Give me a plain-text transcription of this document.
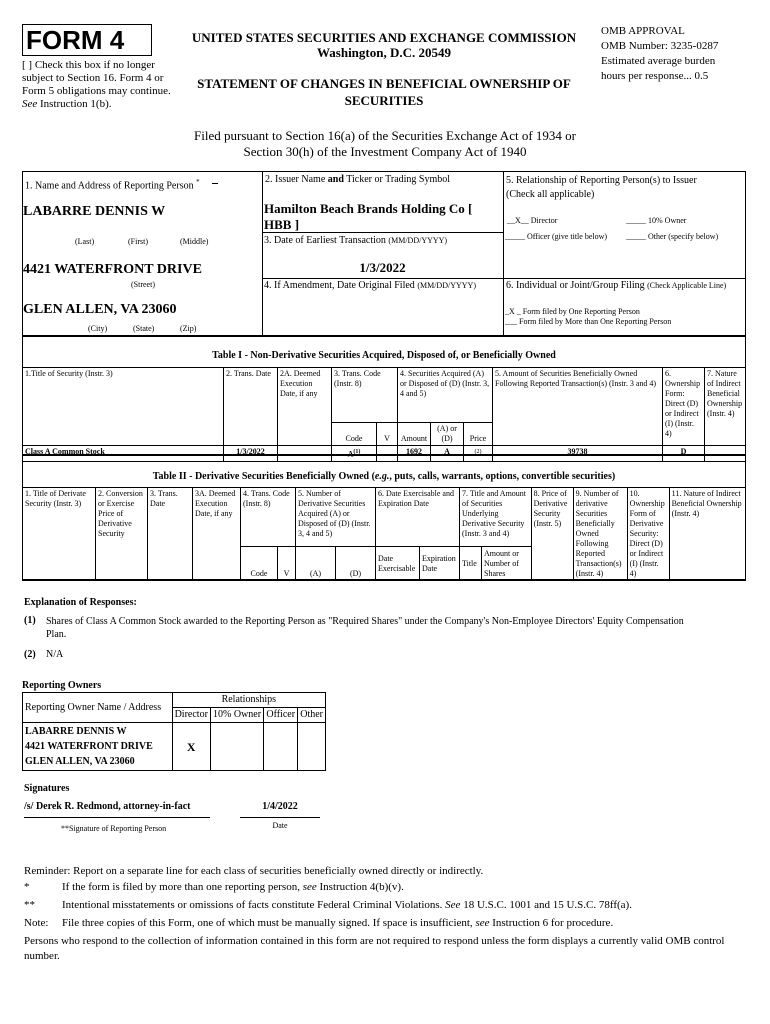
FORM 4
[ ] Check this box if no longer subject to Section 16. Form 4 or Form 5 obligations may continue. See Instruction 1(b).
UNITED STATES SECURITIES AND EXCHANGE COMMISSION
Washington, D.C. 20549
STATEMENT OF CHANGES IN BENEFICIAL OWNERSHIP OF SECURITIES
OMB APPROVAL
OMB Number: 3235-0287
Estimated average burden
hours per response... 0.5
Filed pursuant to Section 16(a) of the Securities Exchange Act of 1934 or
Section 30(h) of the Investment Company Act of 1940
1. Name and Address of Reporting Person *
LABARRE DENNIS W
(Last)	(First)	(Middle)
4421 WATERFRONT DRIVE
(Street)
GLEN ALLEN, VA 23060
(City)	(State)	(Zip)
2. Issuer Name and Ticker or Trading Symbol
Hamilton Beach Brands Holding Co [
HBB ]
3. Date of Earliest Transaction (MM/DD/YYYY)
1/3/2022
4. If Amendment, Date Original Filed (MM/DD/YYYY)
5. Relationship of Reporting Person(s) to Issuer
(Check all applicable)
__X__ Director	_____ 10% Owner
_____ Officer (give title below) _____ Other (specify below)
6. Individual or Joint/Group Filing (Check Applicable Line)
_X _ Form filed by One Reporting Person
___ Form filed by More than One Reporting Person
Table I - Non-Derivative Securities Acquired, Disposed of, or Beneficially Owned
1.Title of Security (Instr. 3)	2. Trans. Date	2A. Deemed Execution Date, if any	3. Trans. Code (Instr. 8)		4. Securities Acquired (A) or Disposed of (D) (Instr. 3, 4 and 5)			5. Amount of Securities Beneficially Owned Following Reported Transaction(s) (Instr. 3 and 4)	6. Ownership Form: Direct (D) or Indirect (I) (Instr. 4)	7. Nature of Indirect Beneficial Ownership (Instr. 4)
			Code	V	Amount	(A) or (D)	Price			
Class A Common Stock	1/3/2022		$A^{(1)}$		1692	A	$^{(2)}$	39738	D	
Table II - Derivative Securities Beneficially Owned (e.g., puts, calls, warrants, options, convertible securities)
1. Title of Derivate Security (Instr. 3)	2. Conversion or Exercise Price of Derivative Security	3. Trans. Date	3A. Deemed Execution Date, if any	4. Trans. Code (Instr. 8)		5. Number of Derivative Securities Acquired (A) or Disposed of (D) (Instr. 3, 4 and 5)		6. Date Exercisable and Expiration Date		7. Title and Amount of Securities Underlying Derivative Security (Instr. 3 and 4)		8. Price of Derivative Security (Instr. 5)	9. Number of derivative Securities Beneficially Owned Following Reported Transaction(s) (Instr. 4)	10. Ownership Form of Derivative Security: Direct (D) or Indirect (I) (Instr. 4)	11. Nature of Indirect Beneficial Ownership (Instr. 4)
				Code	V	(A)	(D)	Date Exercisable	Expiration Date	Title	Amount or Number of Shares				
Explanation of Responses:
(1) Shares of Class A Common Stock awarded to the Reporting Person as "Required Shares" under the Company's Non-Employee Directors' Equity Compensation Plan.
(2) N/A
Reporting Owners
Reporting Owner Name / Address	Relationships			
	Director	10% Owner	Officer	Other

LABARRE DENNIS W
4421 WATERFRONT DRIVE
GLEN ALLEN, VA 23060	X			
Signatures
/s/ Derek R. Redmond, attorney-in-fact	1/4/2022
**Signature of Reporting Person	Date
Reminder: Report on a separate line for each class of securities beneficially owned directly or indirectly.
*	If the form is filed by more than one reporting person, see Instruction 4(b)(v).
** Intentional misstatements or omissions of facts constitute Federal Criminal Violations. See 18 U.S.C. 1001 and 15 U.S.C. 78ff(a).
Note: File three copies of this Form, one of which must be manually signed. If space is insufficient, see Instruction 6 for procedure.
Persons who respond to the collection of information contained in this form are not required to respond unless the form displays a currently valid OMB control number.
